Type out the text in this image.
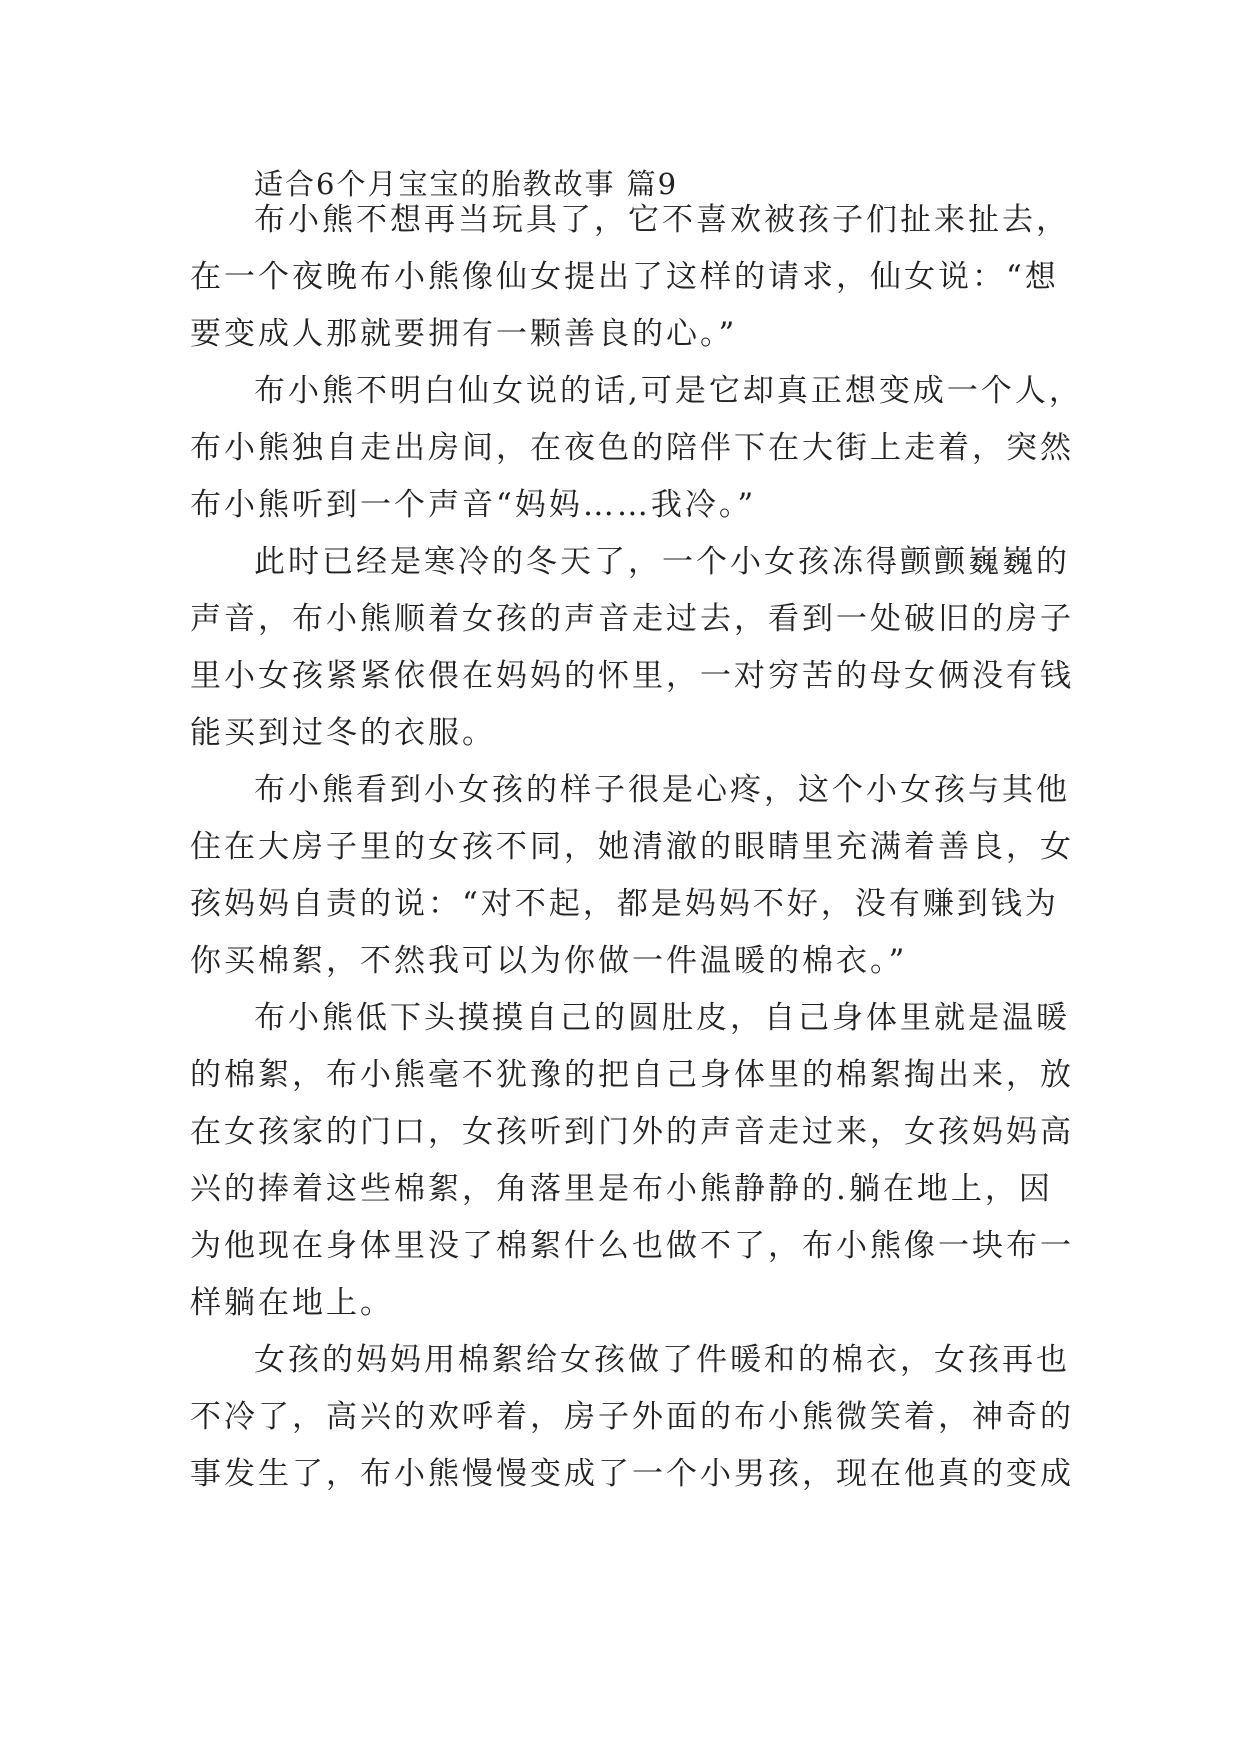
适合6个月宝宝的胎教故事 篇9
布小熊不想再当玩具了，它不喜欢被孩子们扯来扯去，
在一个夜晚布小熊像仙女提出了这样的请求，仙女说：“想
要变成人那就要拥有一颗善良的心。”
布小熊不明白仙女说的话,可是它却真正想变成一个人，
布小熊独自走出房间，在夜色的陪伴下在大街上走着，突然
布小熊听到一个声音“妈妈……我冷。”
此时已经是寒冷的冬天了，一个小女孩冻得颤颤巍巍的
声音，布小熊顺着女孩的声音走过去，看到一处破旧的房子
里小女孩紧紧依偎在妈妈的怀里，一对穷苦的母女俩没有钱
能买到过冬的衣服。
布小熊看到小女孩的样子很是心疼，这个小女孩与其他
住在大房子里的女孩不同，她清澈的眼睛里充满着善良，女
孩妈妈自责的说：“对不起，都是妈妈不好，没有赚到钱为
你买棉絮，不然我可以为你做一件温暖的棉衣。”
布小熊低下头摸摸自己的圆肚皮，自己身体里就是温暖
的棉絮，布小熊毫不犹豫的把自己身体里的棉絮掏出来，放
在女孩家的门口，女孩听到门外的声音走过来，女孩妈妈高
兴的捧着这些棉絮，角落里是布小熊静静的.躺在地上，因
为他现在身体里没了棉絮什么也做不了，布小熊像一块布一
样躺在地上。
女孩的妈妈用棉絮给女孩做了件暖和的棉衣，女孩再也
不冷了，高兴的欢呼着，房子外面的布小熊微笑着，神奇的
事发生了，布小熊慢慢变成了一个小男孩，现在他真的变成
